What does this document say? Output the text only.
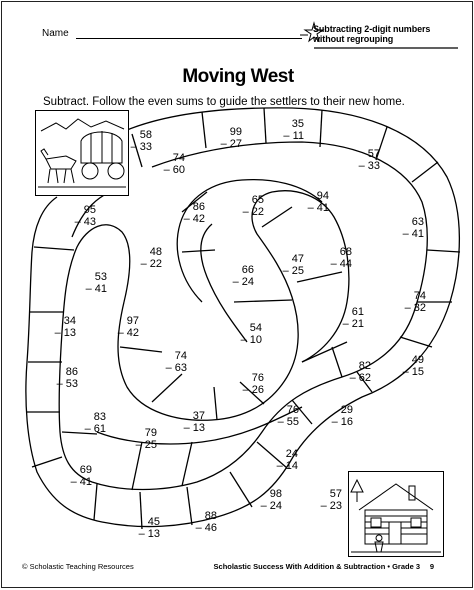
Name	Subtracting 2-digit numbers
without regrouping
Moving West
Subtract. Follow the even sums to guide the settlers to their new home.
58
– 33
99
– 27
35
– 11
57
– 33
74
– 60
86
– 42
65
– 22
94
– 41
95
– 43	63
– 41
48
– 22	47
– 25
68
– 44
66
– 24
53
– 41
74
– 32
34
– 13
97
– 42	54
– 10
61
– 21
74
– 63
86
– 53
82
– 62
49
– 15
76
– 26
83
– 61
37
– 13
76
– 55
29
– 16
79
– 25
24
– 14
69
– 41
98
– 24
57
– 23
45
– 13
88
– 46
© Scholastic Teaching Resources	Scholastic Success With Addition & Subtraction • Grade 3 9
